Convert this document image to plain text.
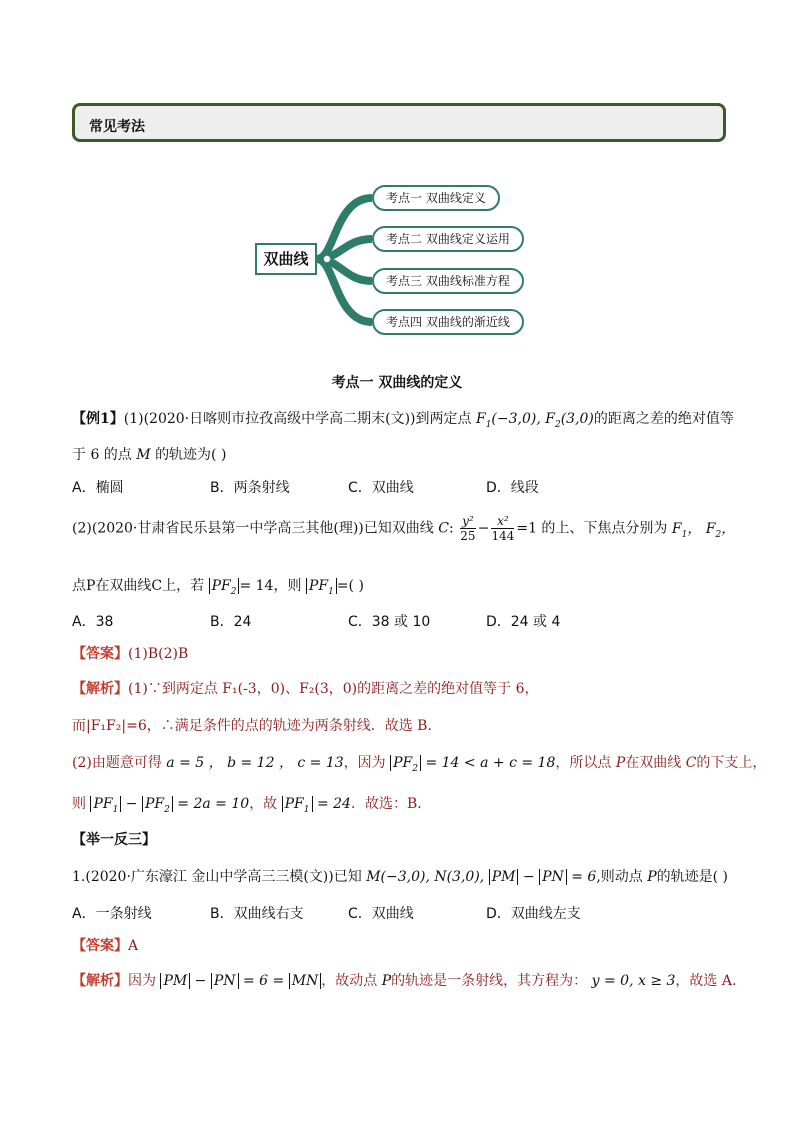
常见考法
双曲线
考点一 双曲线定义
考点二 双曲线定义运用
考点三 双曲线标准方程
考点四 双曲线的渐近线
考点一 双曲线的定义
【例1】(1)(2020·日喀则市拉孜高级中学高二期末(文))到两定点 $F_1(-3,0)$, $F_2(3,0)$的距离之差的绝对值等
于 6 的点 M 的轨迹为( )
A．椭圆	B．两条射线	C．双曲线	D．线段
(2)(2020·甘肃省民乐县第一中学高三其他(理))已知双曲线 C: $\frac{\text{y²}}{25} - \frac{\text{x²}}{144} =1$ 的上、下焦点分别为 $F_1$， $F_2$，
点P在双曲线C上，若 $PF_2 = 14$，则 $PF_1$ =( )
A．38	B．24	C．38 或 10	D．24 或 4
【答案】(1)B(2)B
【解析】(1)∵到两定点 F₁(-3，0)、F₂(3，0)的距离之差的绝对值等于 6，
而|F₁F₂|=6，∴满足条件的点的轨迹为两条射线．故选 B．
(2)由题意可得 a = 5 ， b = 12 ， c = 13，因为 $PF_2 = 14 < a + c = 18$，所以点 P在双曲线 C的下支上，
则 $PF_1 - PF_2 = 2a = 10$，故 $PF_1 = 24$．故选：B.
【举一反三】
1.(2020·广东濠江 金山中学高三三模(文))已知 M(−3,0), N(3,0), PM − PN = 6,则动点 P的轨迹是( )
A．一条射线	B．双曲线右支	C．双曲线	D．双曲线左支
【答案】A
【解析】因为 PM − PN = 6 = MN ，故动点 P的轨迹是一条射线，其方程为： y = 0, x ≥ 3，故选 A.
